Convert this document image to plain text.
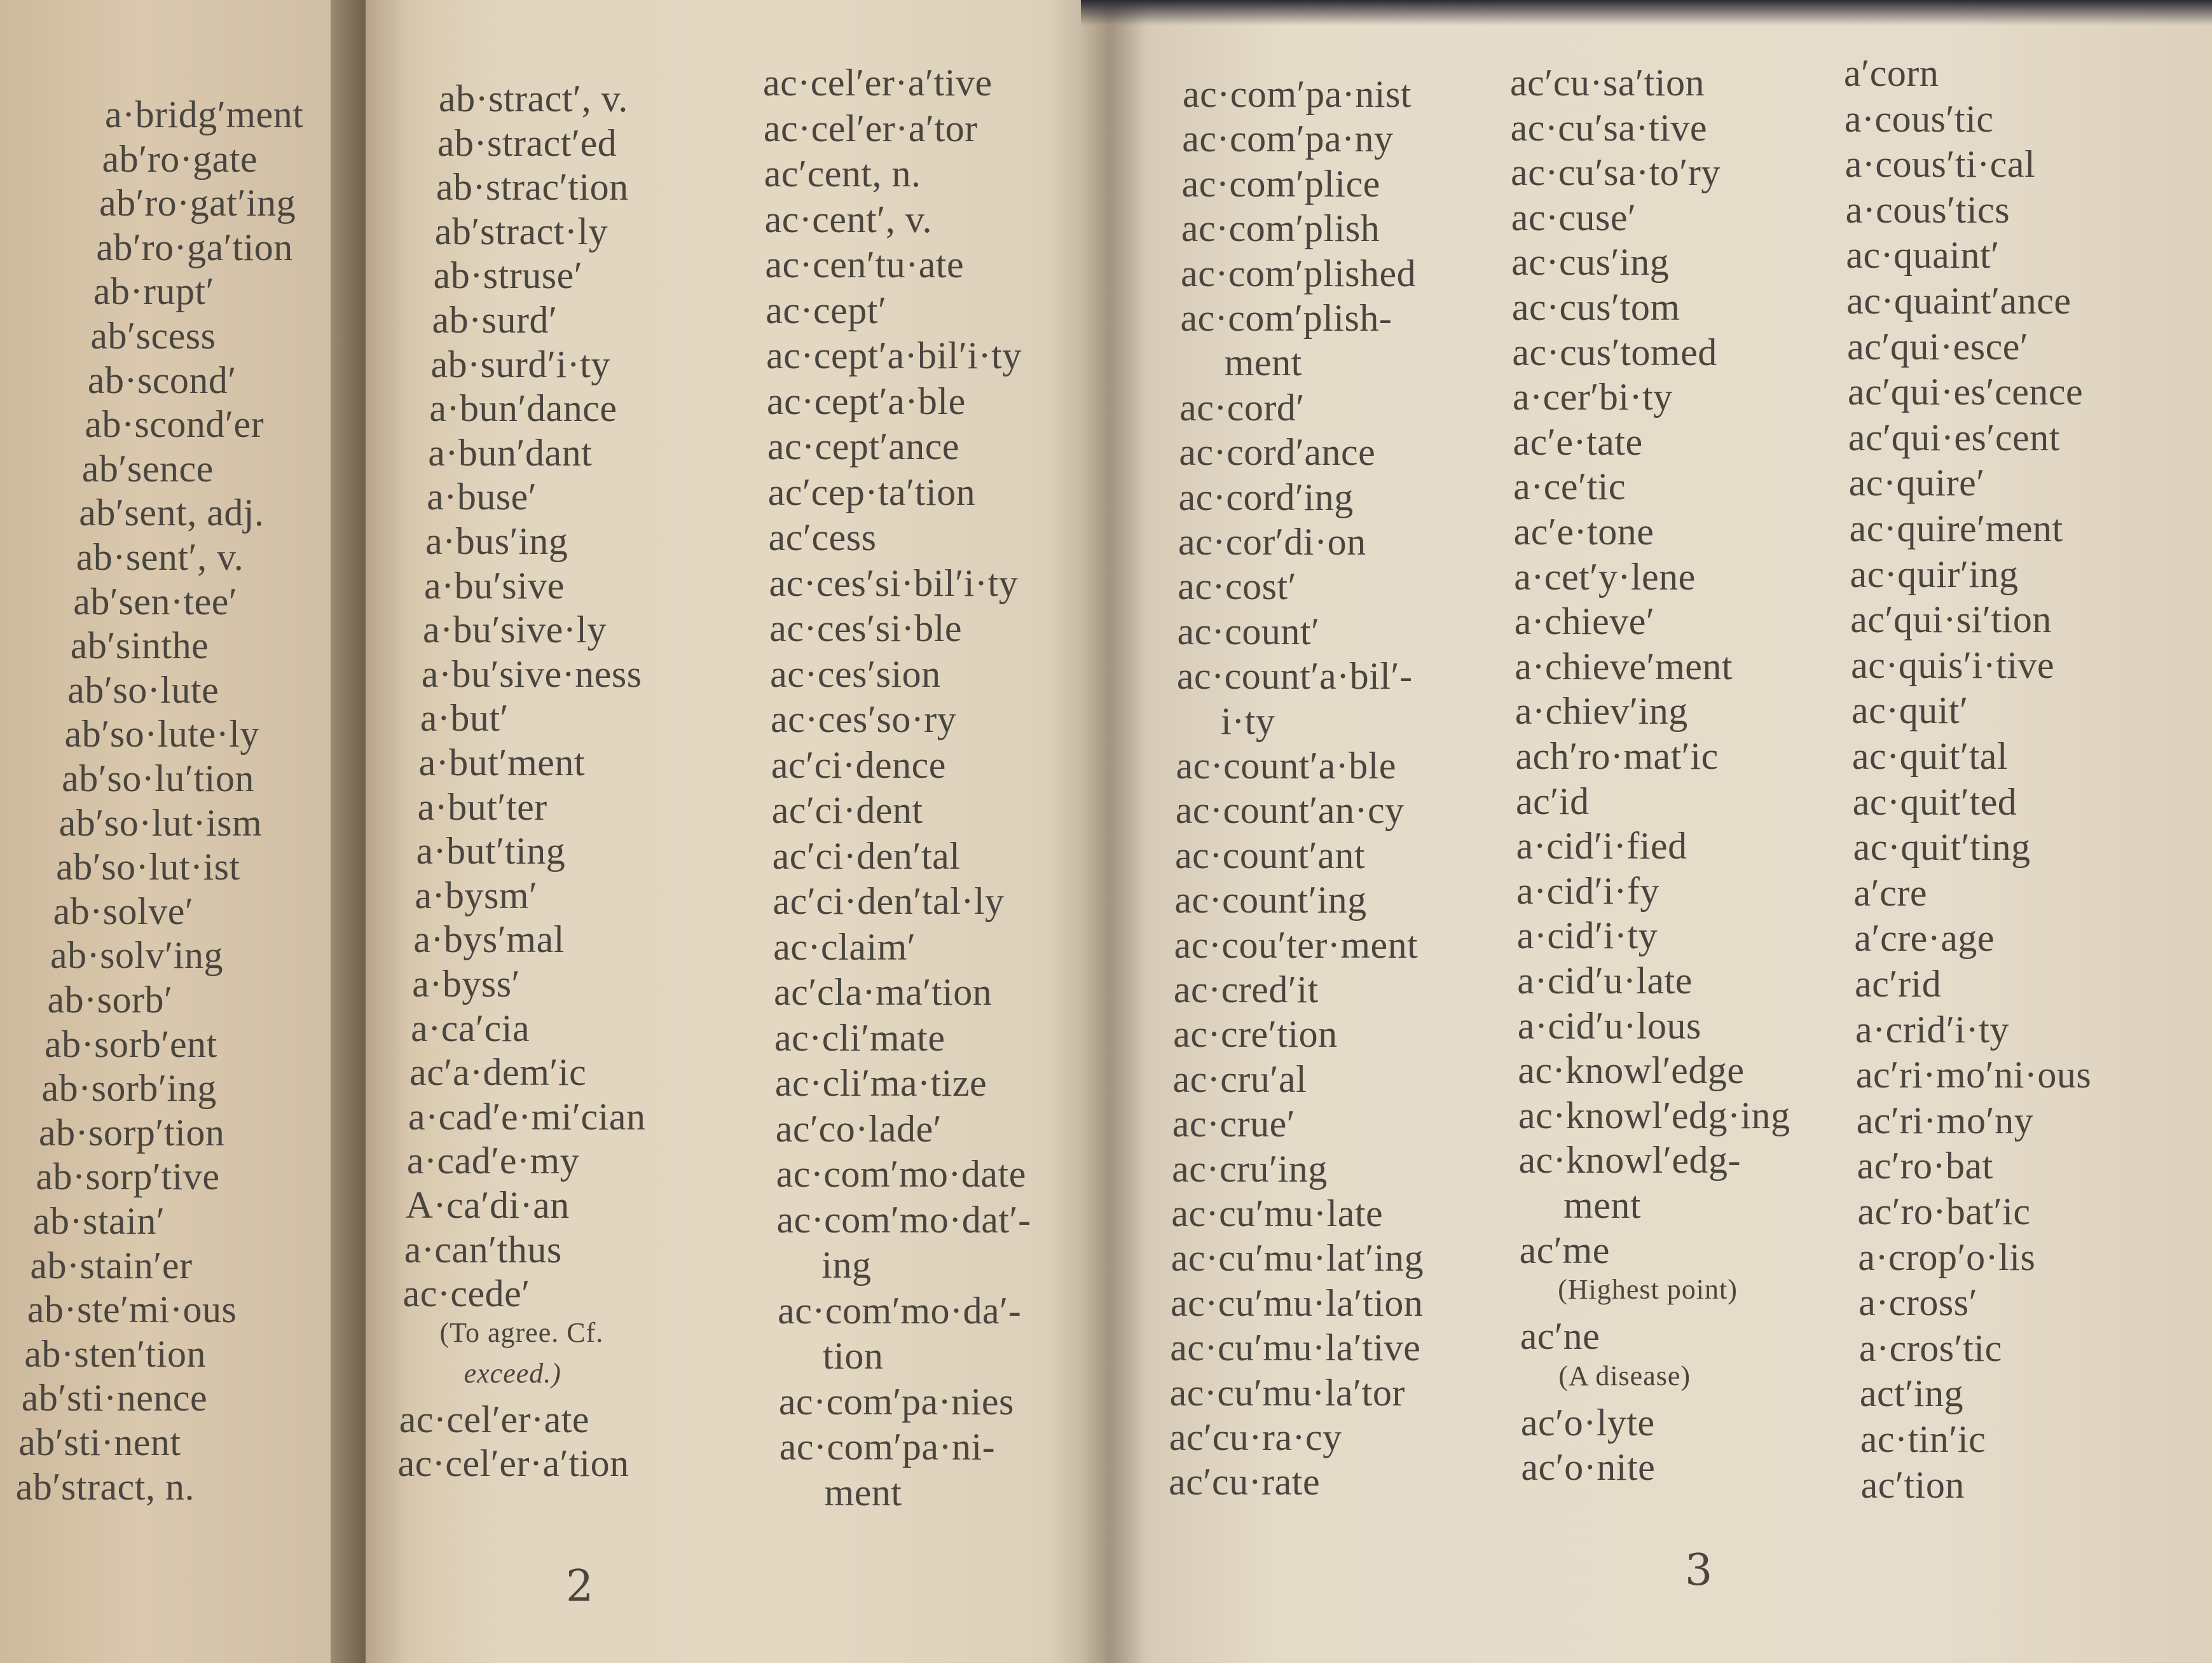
a·bridg′ment
ab′ro·gate
ab′ro·gat′ing
ab′ro·ga′tion
ab·rupt′
ab′scess
ab·scond′
ab·scond′er
ab′sence
ab′sent, adj.
ab·sent′, v.
ab′sen·tee′
ab′sinthe
ab′so·lute
ab′so·lute·ly
ab′so·lu′tion
ab′so·lut·ism
ab′so·lut·ist
ab·solve′
ab·solv′ing
ab·sorb′
ab·sorb′ent
ab·sorb′ing
ab·sorp′tion
ab·sorp′tive
ab·stain′
ab·stain′er
ab·ste′mi·ous
ab·sten′tion
ab′sti·nence
ab′sti·nent
ab′stract, n.
ab·stract′, v.
ab·stract′ed
ab·strac′tion
ab′stract·ly
ab·struse′
ab·surd′
ab·surd′i·ty
a·bun′dance
a·bun′dant
a·buse′
a·bus′ing
a·bu′sive
a·bu′sive·ly
a·bu′sive·ness
a·but′
a·but′ment
a·but′ter
a·but′ting
a·bysm′
a·bys′mal
a·byss′
a·ca′cia
ac′a·dem′ic
a·cad′e·mi′cian
a·cad′e·my
A·ca′di·an
a·can′thus
ac·cede′
(To agree. Cf.
exceed.)
ac·cel′er·ate
ac·cel′er·a′tion
ac·cel′er·a′tive
ac·cel′er·a′tor
ac′cent, n.
ac·cent′, v.
ac·cen′tu·ate
ac·cept′
ac·cept′a·bil′i·ty
ac·cept′a·ble
ac·cept′ance
ac′cep·ta′tion
ac′cess
ac·ces′si·bil′i·ty
ac·ces′si·ble
ac·ces′sion
ac·ces′so·ry
ac′ci·dence
ac′ci·dent
ac′ci·den′tal
ac′ci·den′tal·ly
ac·claim′
ac′cla·ma′tion
ac·cli′mate
ac·cli′ma·tize
ac′co·lade′
ac·com′mo·date
ac·com′mo·dat′-
ing
ac·com′mo·da′-
tion
ac·com′pa·nies
ac·com′pa·ni-
ment
ac·com′pa·nist
ac·com′pa·ny
ac·com′plice
ac·com′plish
ac·com′plished
ac·com′plish-
ment
ac·cord′
ac·cord′ance
ac·cord′ing
ac·cor′di·on
ac·cost′
ac·count′
ac·count′a·bil′-
i·ty
ac·count′a·ble
ac·count′an·cy
ac·count′ant
ac·count′ing
ac·cou′ter·ment
ac·cred′it
ac·cre′tion
ac·cru′al
ac·crue′
ac·cru′ing
ac·cu′mu·late
ac·cu′mu·lat′ing
ac·cu′mu·la′tion
ac·cu′mu·la′tive
ac·cu′mu·la′tor
ac′cu·ra·cy
ac′cu·rate
ac′cu·sa′tion
ac·cu′sa·tive
ac·cu′sa·to′ry
ac·cuse′
ac·cus′ing
ac·cus′tom
ac·cus′tomed
a·cer′bi·ty
ac′e·tate
a·ce′tic
ac′e·tone
a·cet′y·lene
a·chieve′
a·chieve′ment
a·chiev′ing
ach′ro·mat′ic
ac′id
a·cid′i·fied
a·cid′i·fy
a·cid′i·ty
a·cid′u·late
a·cid′u·lous
ac·knowl′edge
ac·knowl′edg·ing
ac·knowl′edg-
ment
ac′me
(Highest point)
ac′ne
(A disease)
ac′o·lyte
ac′o·nite
a′corn
a·cous′tic
a·cous′ti·cal
a·cous′tics
ac·quaint′
ac·quaint′ance
ac′qui·esce′
ac′qui·es′cence
ac′qui·es′cent
ac·quire′
ac·quire′ment
ac·quir′ing
ac′qui·si′tion
ac·quis′i·tive
ac·quit′
ac·quit′tal
ac·quit′ted
ac·quit′ting
a′cre
a′cre·age
ac′rid
a·crid′i·ty
ac′ri·mo′ni·ous
ac′ri·mo′ny
ac′ro·bat
ac′ro·bat′ic
a·crop′o·lis
a·cross′
a·cros′tic
act′ing
ac·tin′ic
ac′tion
2	3
